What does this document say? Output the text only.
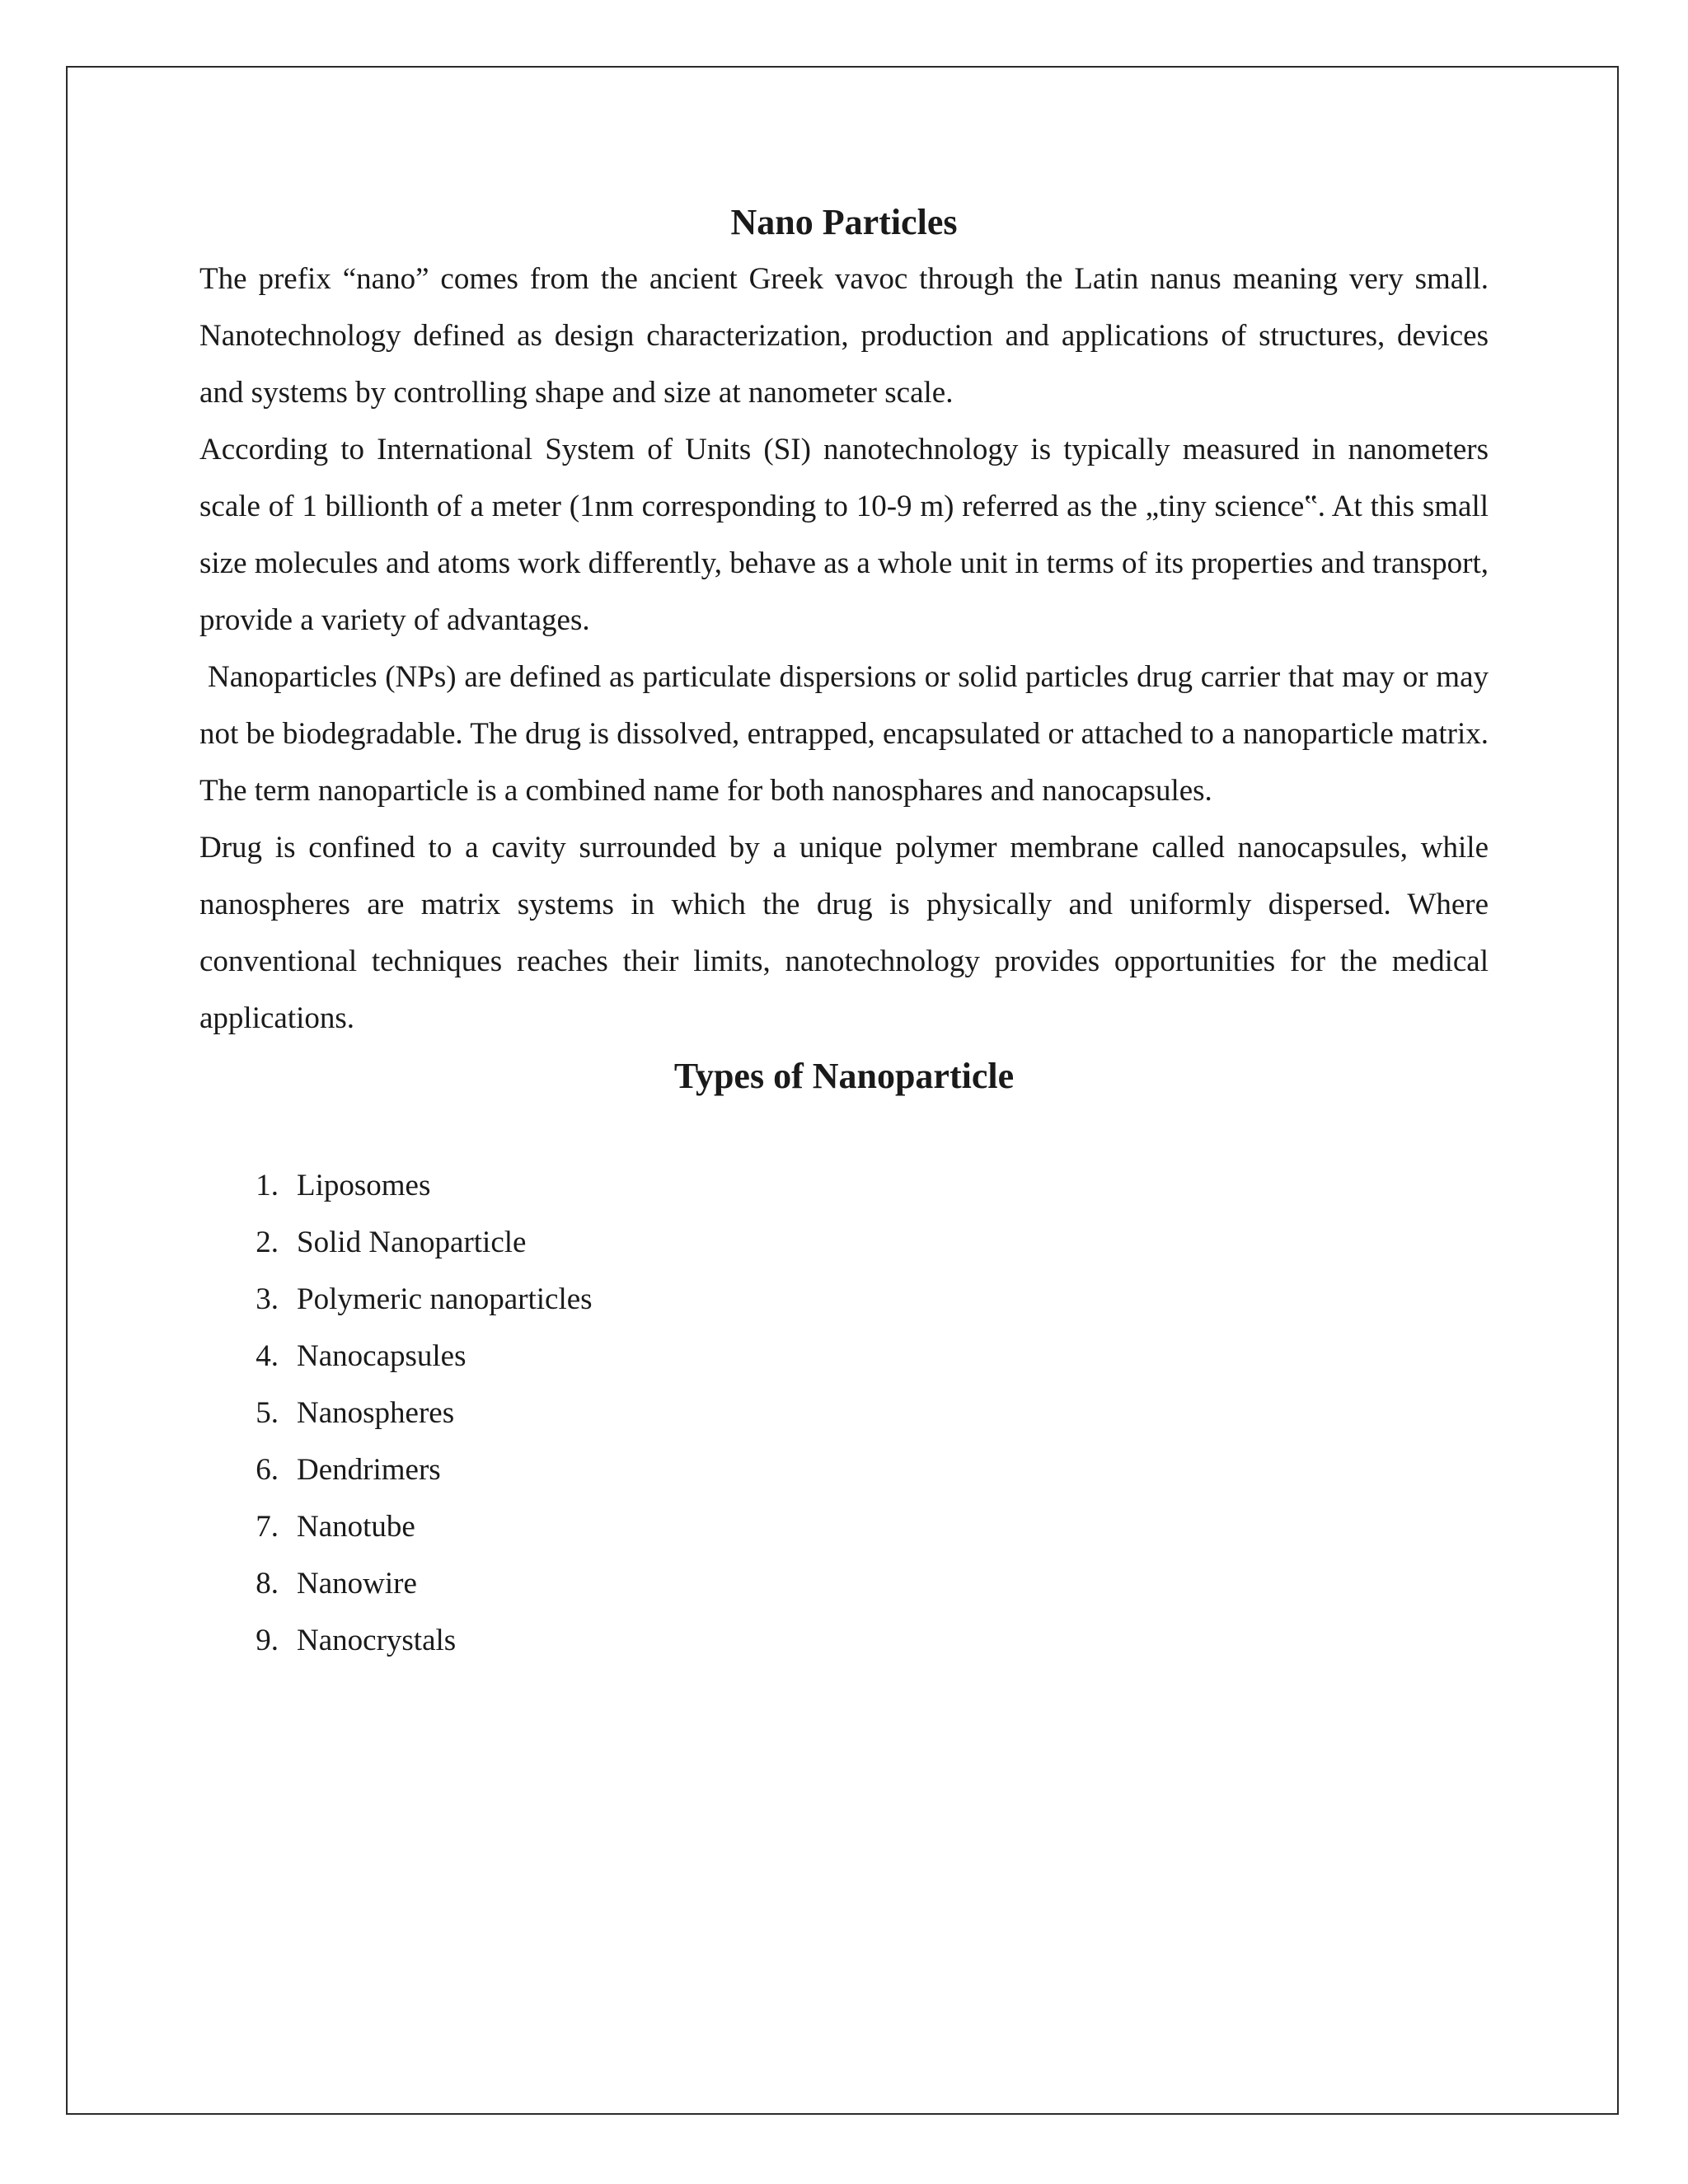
Nano Particles

The prefix “nano” comes from the ancient Greek vavoc through the Latin nanus meaning very small. Nanotechnology defined as design characterization, production and applications of structures, devices and systems by controlling shape and size at nanometer scale.

According to International System of Units (SI) nanotechnology is typically measured in nanometers scale of 1 billionth of a meter (1nm corresponding to 10-9 m) referred as the „tiny science‟. At this small size molecules and atoms work differently, behave as a whole unit in terms of its properties and transport, provide a variety of advantages.

Nanoparticles (NPs) are defined as particulate dispersions or solid particles drug carrier that may or may not be biodegradable. The drug is dissolved, entrapped, encapsulated or attached to a nanoparticle matrix. The term nanoparticle is a combined name for both nanosphares and nanocapsules.

Drug is confined to a cavity surrounded by a unique polymer membrane called nanocapsules, while nanospheres are matrix systems in which the drug is physically and uniformly dispersed. Where conventional techniques reaches their limits, nanotechnology provides opportunities for the medical applications.

Types of Nanoparticle
1. Liposomes
2. Solid Nanoparticle
3. Polymeric nanoparticles
4. Nanocapsules
5. Nanospheres
6. Dendrimers
7. Nanotube
8. Nanowire
9. Nanocrystals
